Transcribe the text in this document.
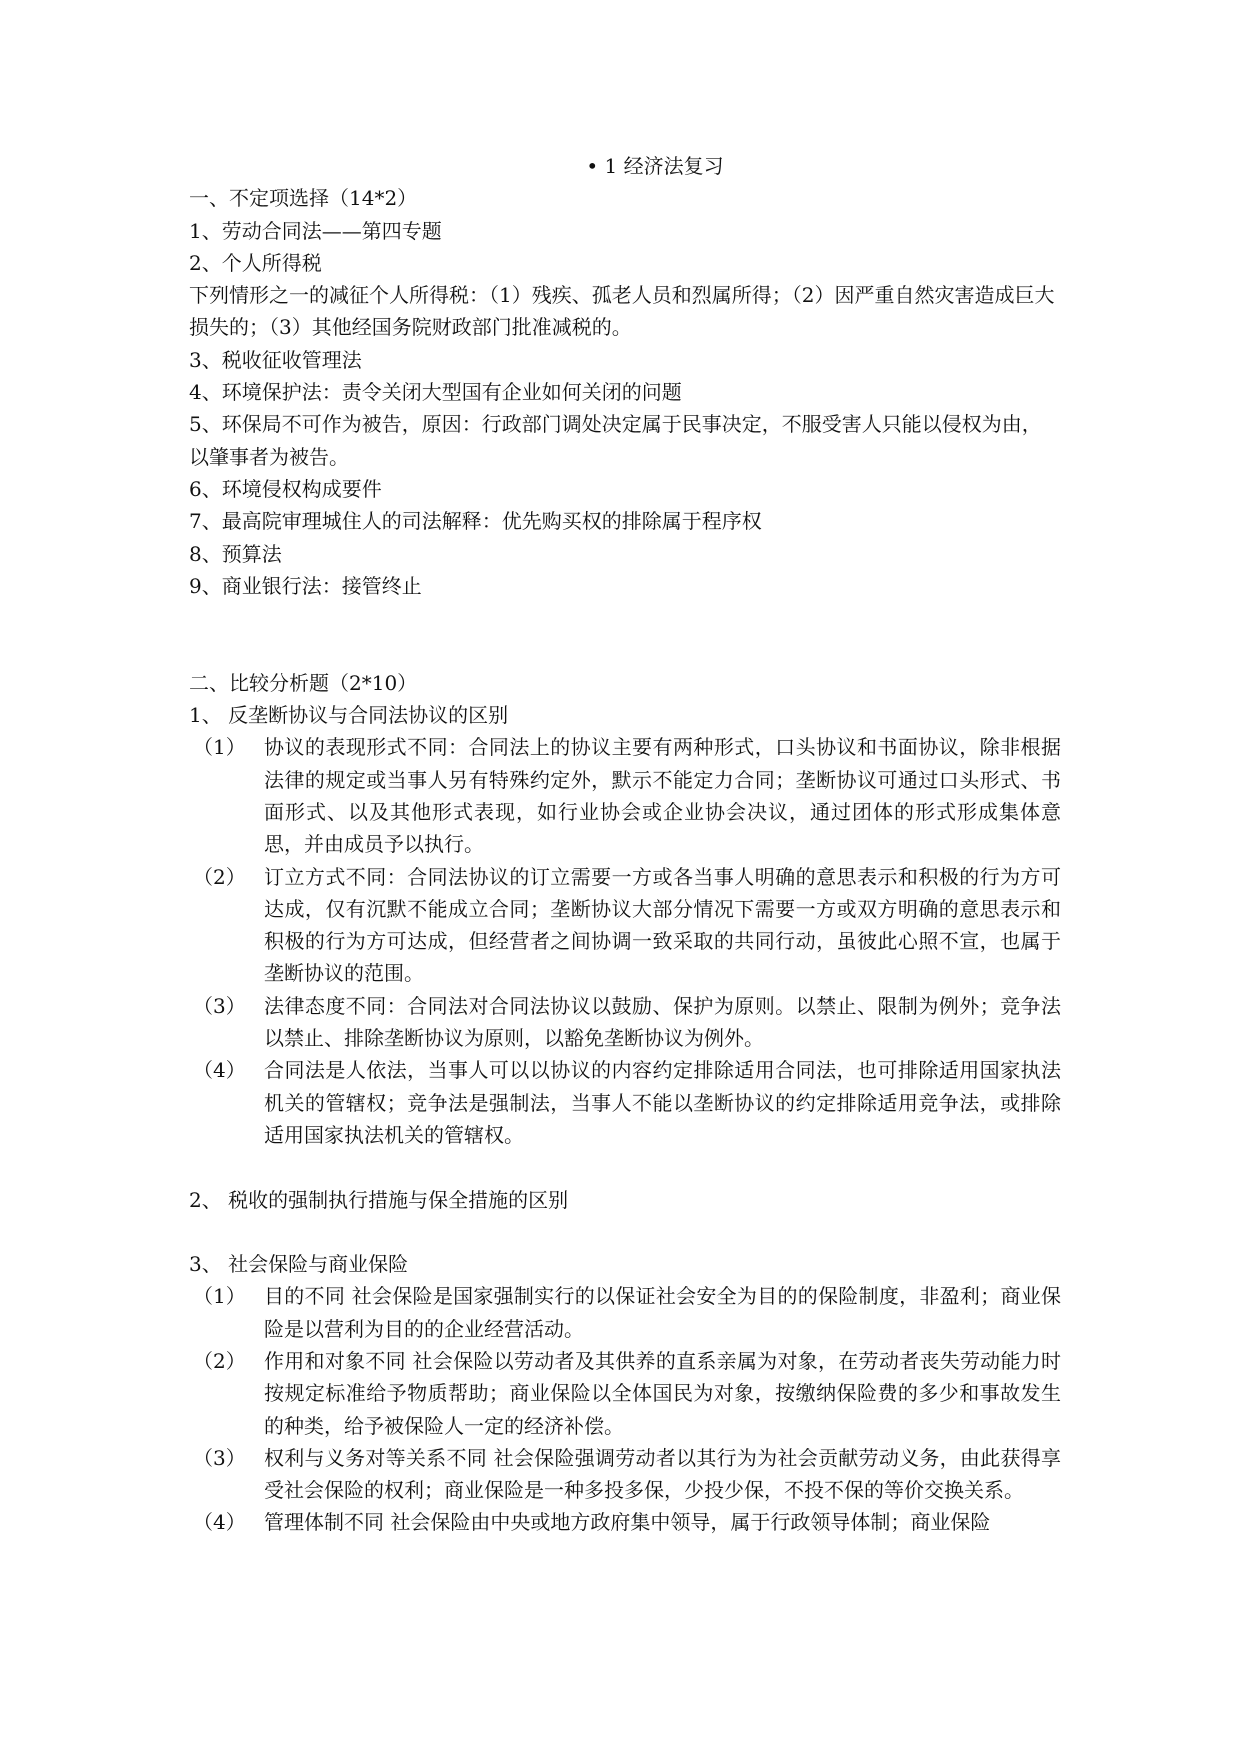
• 1 经济法复习
一、不定项选择（14*2）
1、劳动合同法——第四专题
2、个人所得税
下列情形之一的减征个人所得税：（1）残疾、孤老人员和烈属所得；（2）因严重自然灾害造成巨大损失的；（3）其他经国务院财政部门批准减税的。
3、税收征收管理法
4、环境保护法：责令关闭大型国有企业如何关闭的问题
5、环保局不可作为被告，原因：行政部门调处决定属于民事决定，不服受害人只能以侵权为由，以肇事者为被告。
6、环境侵权构成要件
7、最高院审理城住人的司法解释：优先购买权的排除属于程序权
8、预算法
9、商业银行法：接管终止
二、比较分析题（2*10）
1、 反垄断协议与合同法协议的区别
（1） 协议的表现形式不同：合同法上的协议主要有两种形式，口头协议和书面协议，除非根据法律的规定或当事人另有特殊约定外，默示不能定力合同；垄断协议可通过口头形式、书面形式、以及其他形式表现，如行业协会或企业协会决议，通过团体的形式形成集体意思，并由成员予以执行。
（2） 订立方式不同：合同法协议的订立需要一方或各当事人明确的意思表示和积极的行为方可达成，仅有沉默不能成立合同；垄断协议大部分情况下需要一方或双方明确的意思表示和积极的行为方可达成，但经营者之间协调一致采取的共同行动，虽彼此心照不宣，也属于垄断协议的范围。
（3） 法律态度不同：合同法对合同法协议以鼓励、保护为原则。以禁止、限制为例外；竞争法以禁止、排除垄断协议为原则，以豁免垄断协议为例外。
（4） 合同法是人依法，当事人可以以协议的内容约定排除适用合同法，也可排除适用国家执法机关的管辖权；竞争法是强制法，当事人不能以垄断协议的约定排除适用竞争法，或排除适用国家执法机关的管辖权。
2、 税收的强制执行措施与保全措施的区别
3、 社会保险与商业保险
（1） 目的不同 社会保险是国家强制实行的以保证社会安全为目的的保险制度，非盈利；商业保险是以营利为目的的企业经营活动。
（2） 作用和对象不同 社会保险以劳动者及其供养的直系亲属为对象，在劳动者丧失劳动能力时按规定标准给予物质帮助；商业保险以全体国民为对象，按缴纳保险费的多少和事故发生的种类，给予被保险人一定的经济补偿。
（3） 权利与义务对等关系不同 社会保险强调劳动者以其行为为社会贡献劳动义务，由此获得享受社会保险的权利；商业保险是一种多投多保，少投少保，不投不保的等价交换关系。
（4） 管理体制不同 社会保险由中央或地方政府集中领导，属于行政领导体制；商业保险
